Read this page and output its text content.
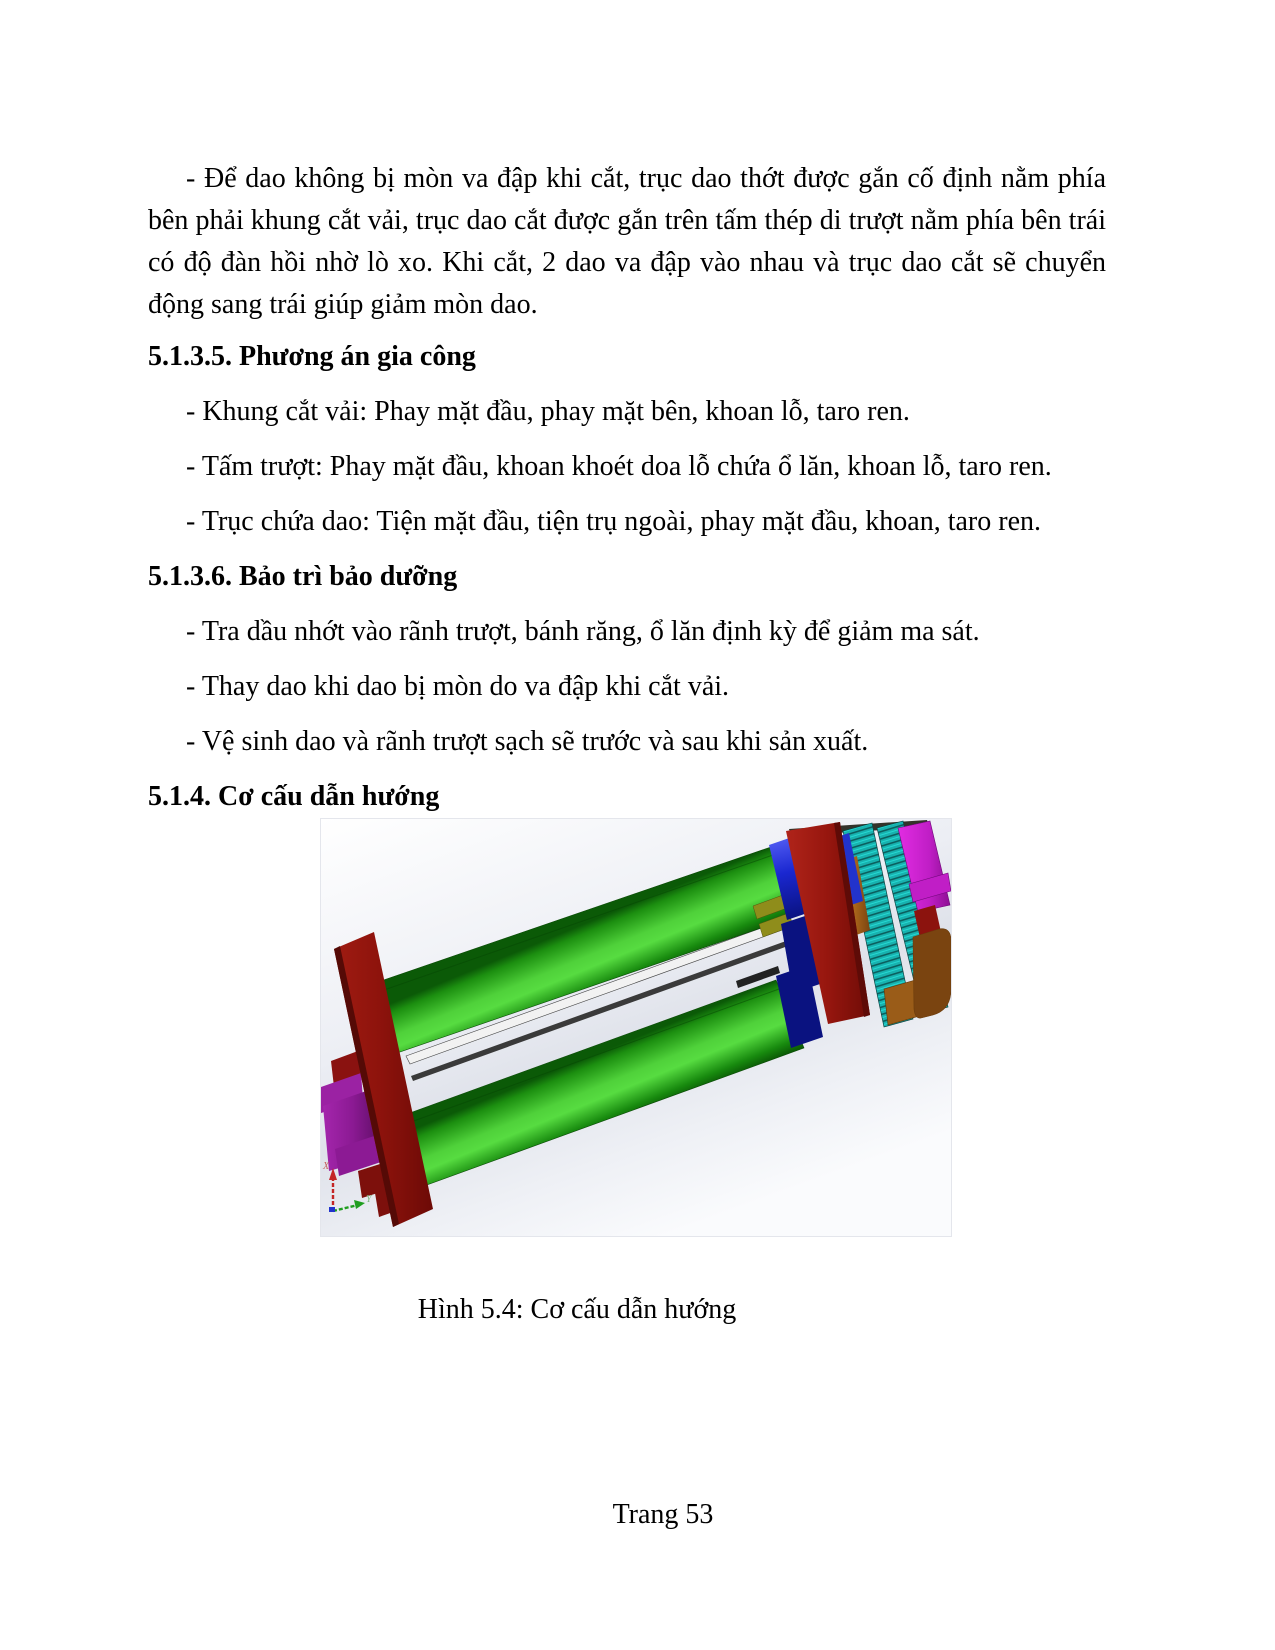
- Để dao không bị mòn va đập khi cắt, trục dao thớt được gắn cố định nằm phía bên phải khung cắt vải, trục dao cắt được gắn trên tấm thép di trượt nằm phía bên trái có độ đàn hồi nhờ lò xo. Khi cắt, 2 dao va đập vào nhau và trục dao cắt sẽ chuyển động sang trái giúp giảm mòn dao.

5.1.3.5. Phương án gia công
- Khung cắt vải: Phay mặt đầu, phay mặt bên, khoan lỗ, taro ren.
- Tấm trượt: Phay mặt đầu, khoan khoét doa lỗ chứa ổ lăn, khoan lỗ, taro ren.
- Trục chứa dao: Tiện mặt đầu, tiện trụ ngoài, phay mặt đầu, khoan, taro ren.
5.1.3.6. Bảo trì bảo dưỡng
- Tra dầu nhớt vào rãnh trượt, bánh răng, ổ lăn định kỳ để giảm ma sát.
- Thay dao khi dao bị mòn do va đập khi cắt vải.
- Vệ sinh dao và rãnh trượt sạch sẽ trước và sau khi sản xuất.
5.1.4. Cơ cấu dẫn hướng
X
Y
Hình 5.4: Cơ cấu dẫn hướng
Trang 53
